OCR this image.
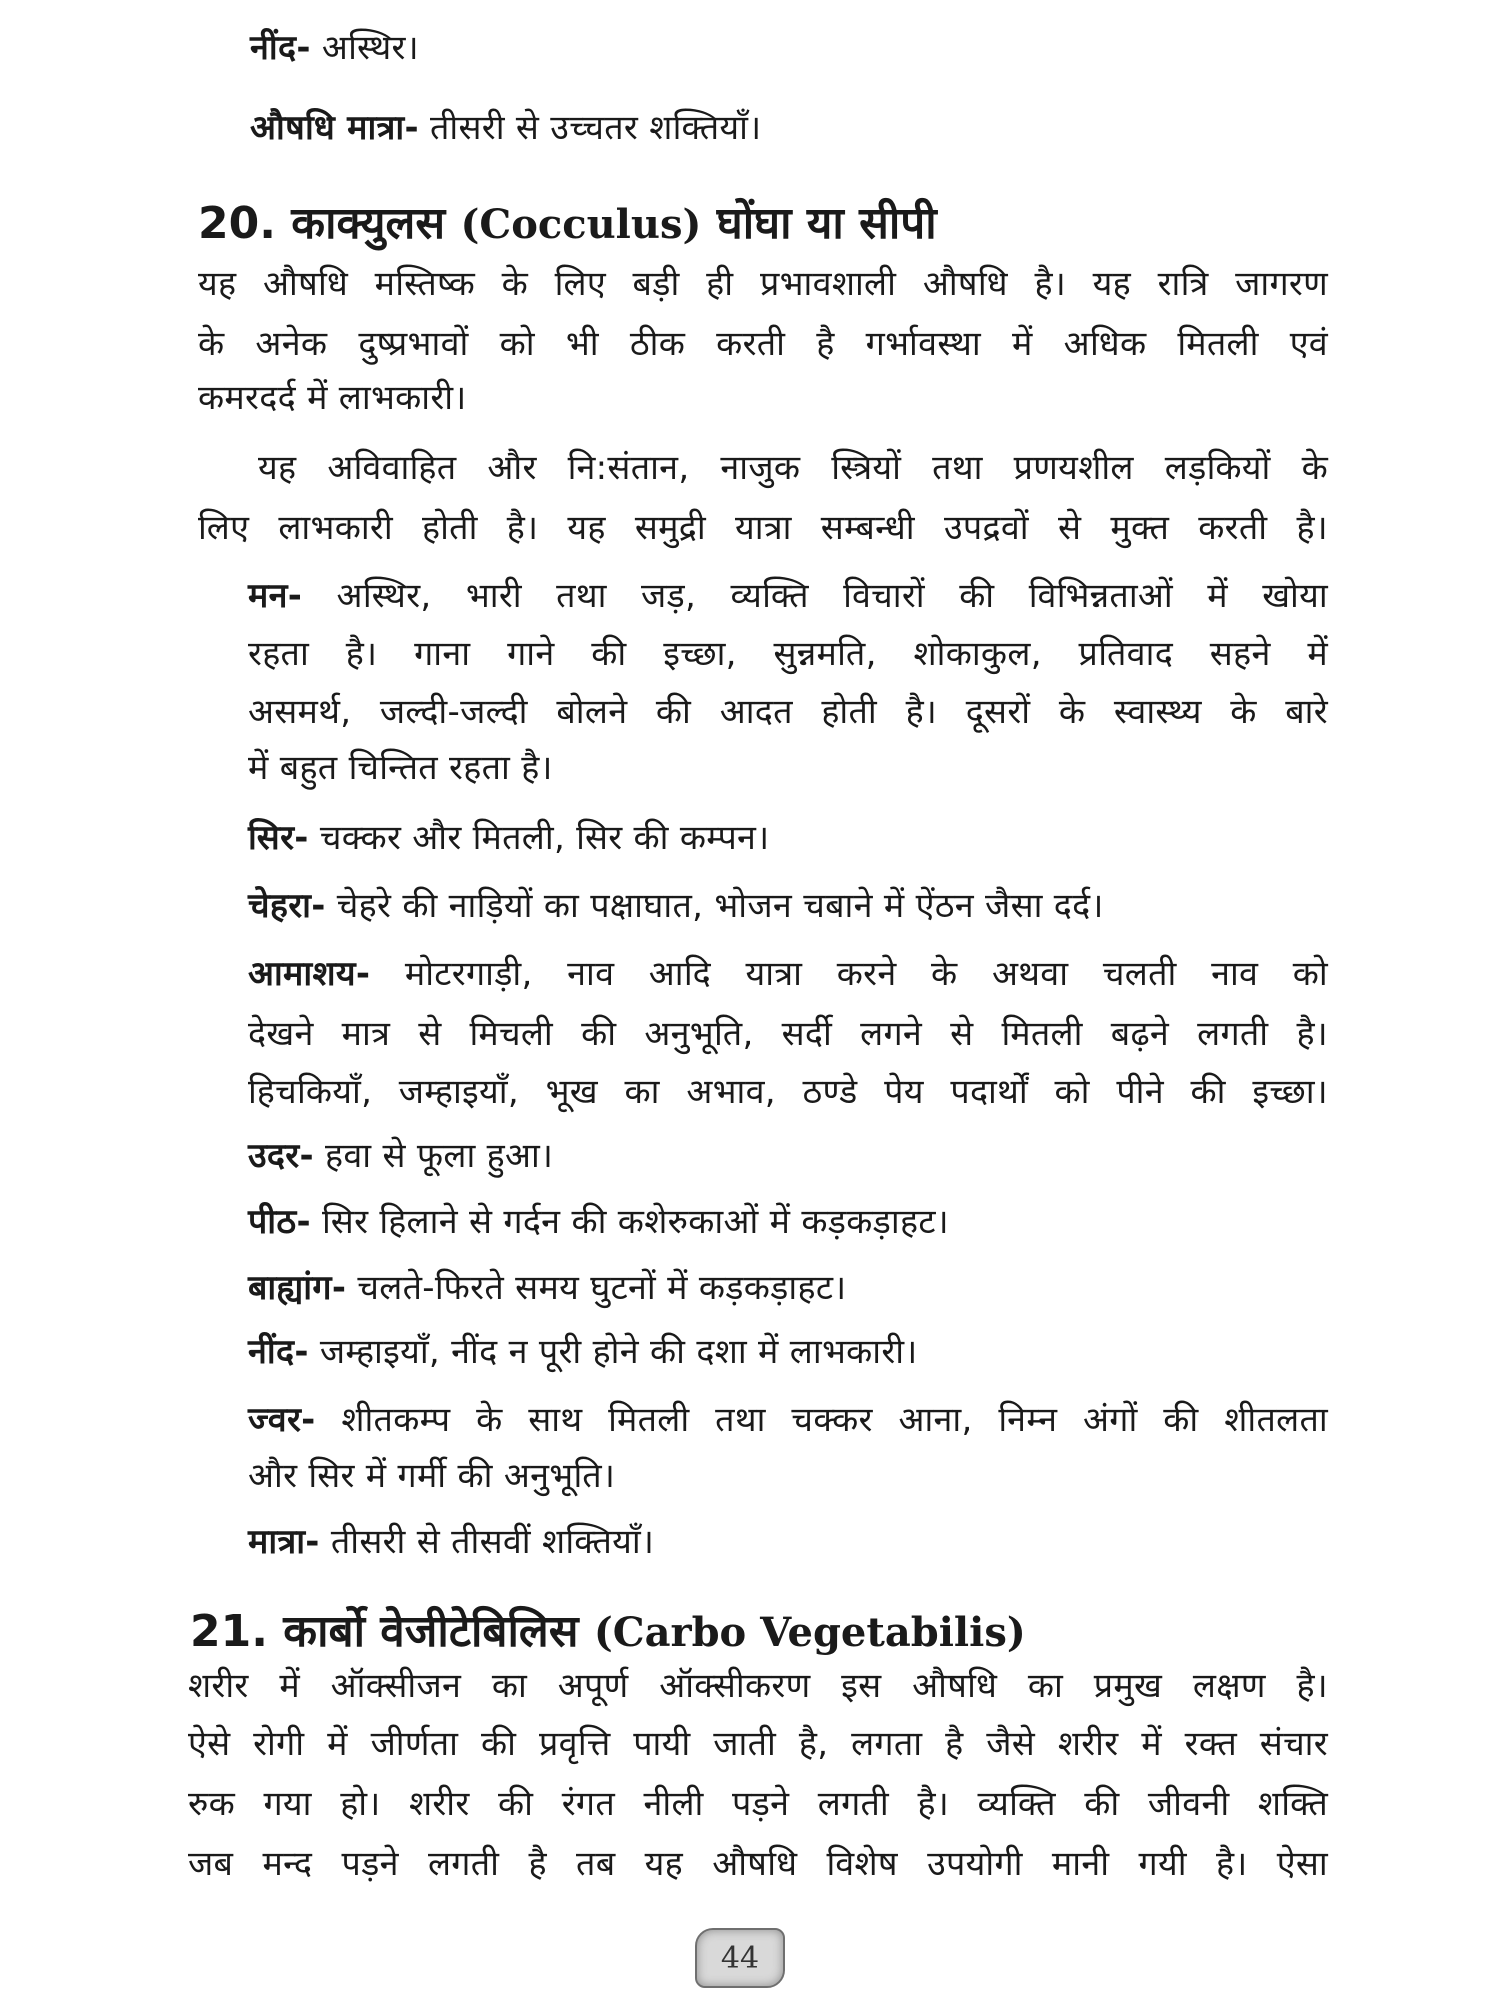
नींद- अस्थिर।
औषधि मात्रा- तीसरी से उच्चतर शक्तियाँ।
20. काक्युलस (Cocculus) घोंघा या सीपी
यह औषधि मस्तिष्क के लिए बड़ी ही प्रभावशाली औषधि है। यह रात्रि जागरण
के अनेक दुष्प्रभावों को भी ठीक करती है गर्भावस्था में अधिक मितली एवं
कमरदर्द में लाभकारी।
यह अविवाहित और नि:संतान, नाजुक स्त्रियों तथा प्रणयशील लड़कियों के
लिए लाभकारी होती है। यह समुद्री यात्रा सम्बन्धी उपद्रवों से मुक्त करती है।
मन- अस्थिर, भारी तथा जड़, व्यक्ति विचारों की विभिन्नताओं में खोया
रहता है। गाना गाने की इच्छा, सुन्नमति, शोकाकुल, प्रतिवाद सहने में
असमर्थ, जल्दी-जल्दी बोलने की आदत होती है। दूसरों के स्वास्थ्य के बारे
में बहुत चिन्तित रहता है।
सिर- चक्कर और मितली, सिर की कम्पन।
चेहरा- चेहरे की नाड़ियों का पक्षाघात, भोजन चबाने में ऐंठन जैसा दर्द।
आमाशय- मोटरगाड़ी, नाव आदि यात्रा करने के अथवा चलती नाव को
देखने मात्र से मिचली की अनुभूति, सर्दी लगने से मितली बढ़ने लगती है।
हिचकियाँ, जम्हाइयाँ, भूख का अभाव, ठण्डे पेय पदार्थों को पीने की इच्छा।
उदर- हवा से फूला हुआ।
पीठ- सिर हिलाने से गर्दन की कशेरुकाओं में कड़कड़ाहट।
बाह्यांग- चलते-फिरते समय घुटनों में कड़कड़ाहट।
नींद- जम्हाइयाँ, नींद न पूरी होने की दशा में लाभकारी।
ज्वर- शीतकम्प के साथ मितली तथा चक्कर आना, निम्न अंगों की शीतलता
और सिर में गर्मी की अनुभूति।
मात्रा- तीसरी से तीसवीं शक्तियाँ।
21. कार्बो वेजीटेबिलिस (Carbo Vegetabilis)
शरीर में ऑक्सीजन का अपूर्ण ऑक्सीकरण इस औषधि का प्रमुख लक्षण है।
ऐसे रोगी में जीर्णता की प्रवृत्ति पायी जाती है, लगता है जैसे शरीर में रक्त संचार
रुक गया हो। शरीर की रंगत नीली पड़ने लगती है। व्यक्ति की जीवनी शक्ति
जब मन्द पड़ने लगती है तब यह औषधि विशेष उपयोगी मानी गयी है। ऐसा
44
